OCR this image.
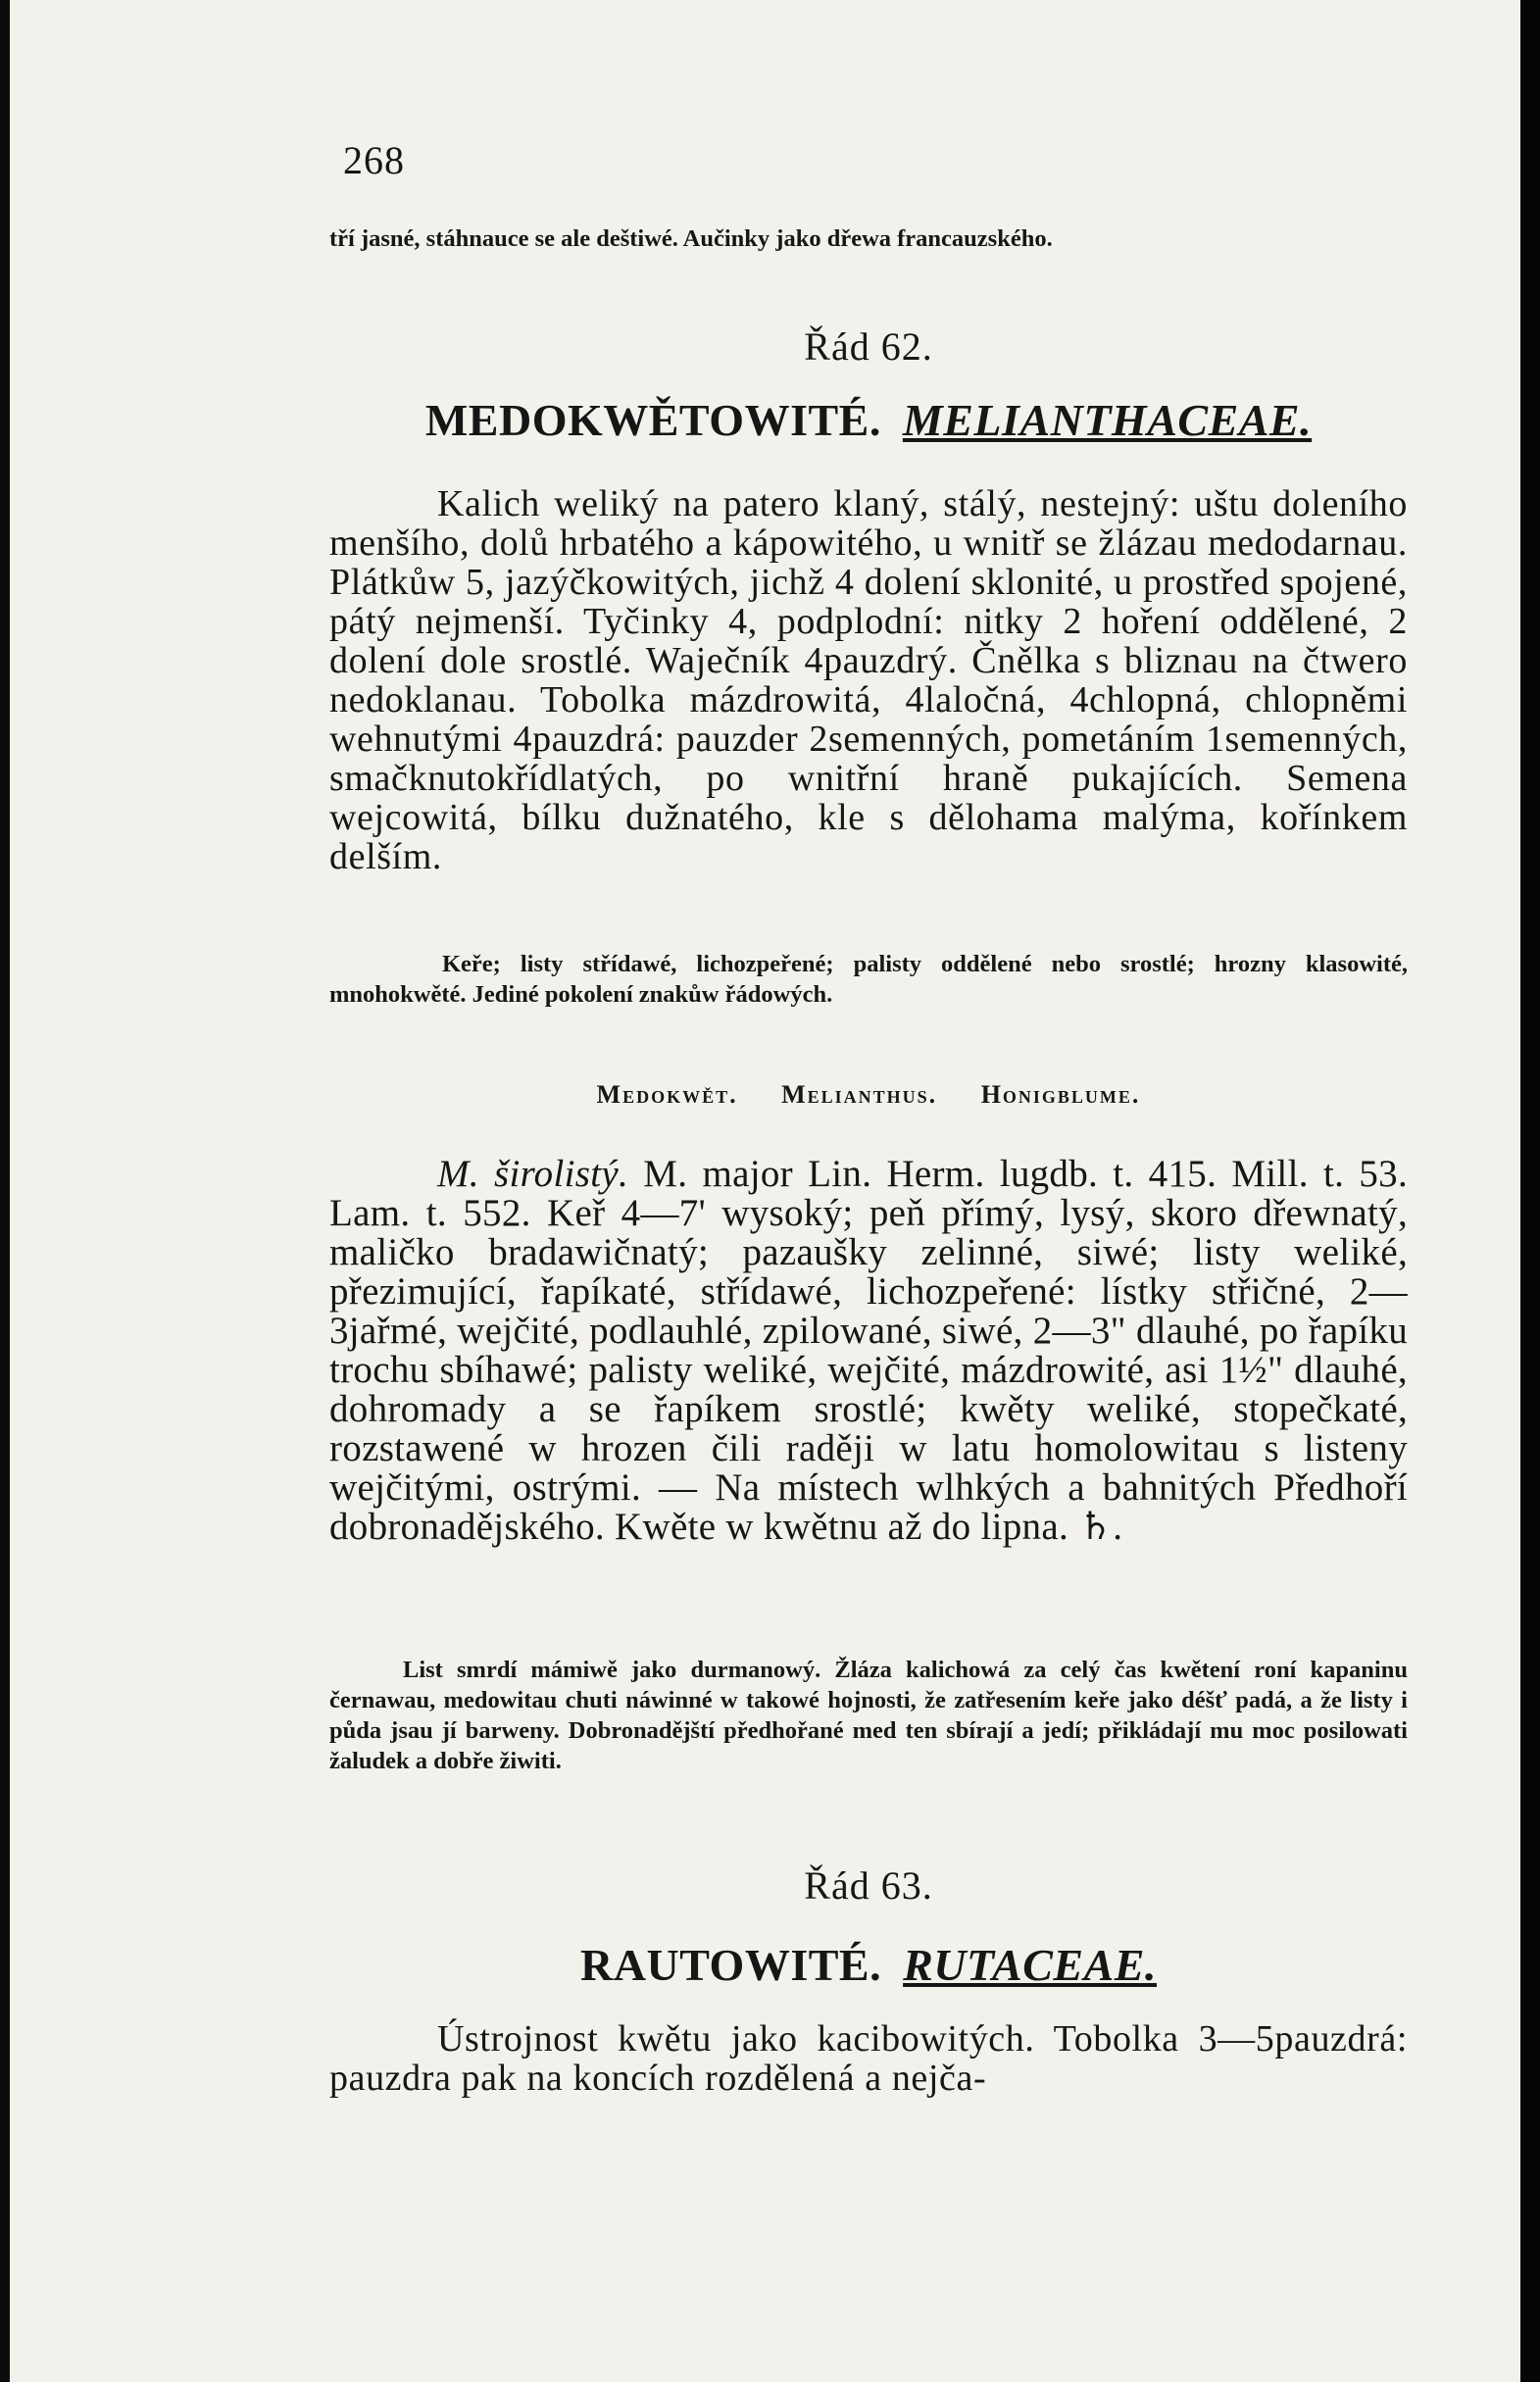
268
tří jasné, stáhnauce se ale deštiwé. Aučinky jako dřewa francauzského.
Řád 62.
MEDOKWĚTOWITÉ. MELIANTHACEAE.
Kalich weliký na patero klaný, stálý, nestejný: uštu doleního menšího, dolů hrbatého a kápowitého, u wnitř se žlázau medodarnau. Plátkůw 5, jazýčkowitých, jichž 4 dolení sklonité, u prostřed spojené, pátý nejmenší. Tyčinky 4, podplodní: nitky 2 hoření oddělené, 2 dolení dole srostlé. Waječník 4pauzdrý. Čnělka s bliznau na čtwero nedoklanau. Tobolka mázdrowitá, 4laločná, 4chlopná, chlopněmi wehnutými 4pauzdrá: pauzder 2semenných, pometáním 1semenných, smačknutokřídlatých, po wnitřní hraně pukajících. Semena wejcowitá, bílku dužnatého, kle s dělohama malýma, kořínkem delším.
Keře; listy střídawé, lichozpeřené; palisty oddělené nebo srostlé; hrozny klasowité, mnohokwěté. Jediné pokolení znakůw řádowých.
Medokwět. Melianthus. Honigblume.
M. širolistý. M. major Lin. Herm. lugdb. t. 415. Mill. t. 53. Lam. t. 552. Keř 4—7' wysoký; peň přímý, lysý, skoro dřewnatý, maličko bradawičnatý; pazaušky zelinné, siwé; listy weliké, přezimující, řapíkaté, střídawé, lichozpeřené: lístky střičné, 2—3jařmé, wejčité, podlauhlé, zpilowané, siwé, 2—3" dlauhé, po řapíku trochu sbíhawé; palisty weliké, wejčité, mázdrowité, asi 1½" dlauhé, dohromady a se řapíkem srostlé; kwěty weliké, stopečkaté, rozstawené w hrozen čili raději w latu homolowitau s listeny wejčitými, ostrými. — Na místech wlhkých a bahnitých Předhoří dobronadějského. Kwěte w kwětnu až do lipna. ♄.
List smrdí mámiwě jako durmanowý. Žláza kalichowá za celý čas kwětení roní kapaninu černawau, medowitau chuti náwinné w takowé hojnosti, že zatřesením keře jako déšť padá, a že listy i půda jsau jí barweny. Dobronadějští předhořané med ten sbírají a jedí; přikládají mu moc posilowati žaludek a dobře žiwiti.
Řád 63.
RAUTOWITÉ. RUTACEAE.
Ústrojnost kwětu jako kacibowitých. Tobolka 3—5pauzdrá: pauzdra pak na koncích rozdělená a nejča-
